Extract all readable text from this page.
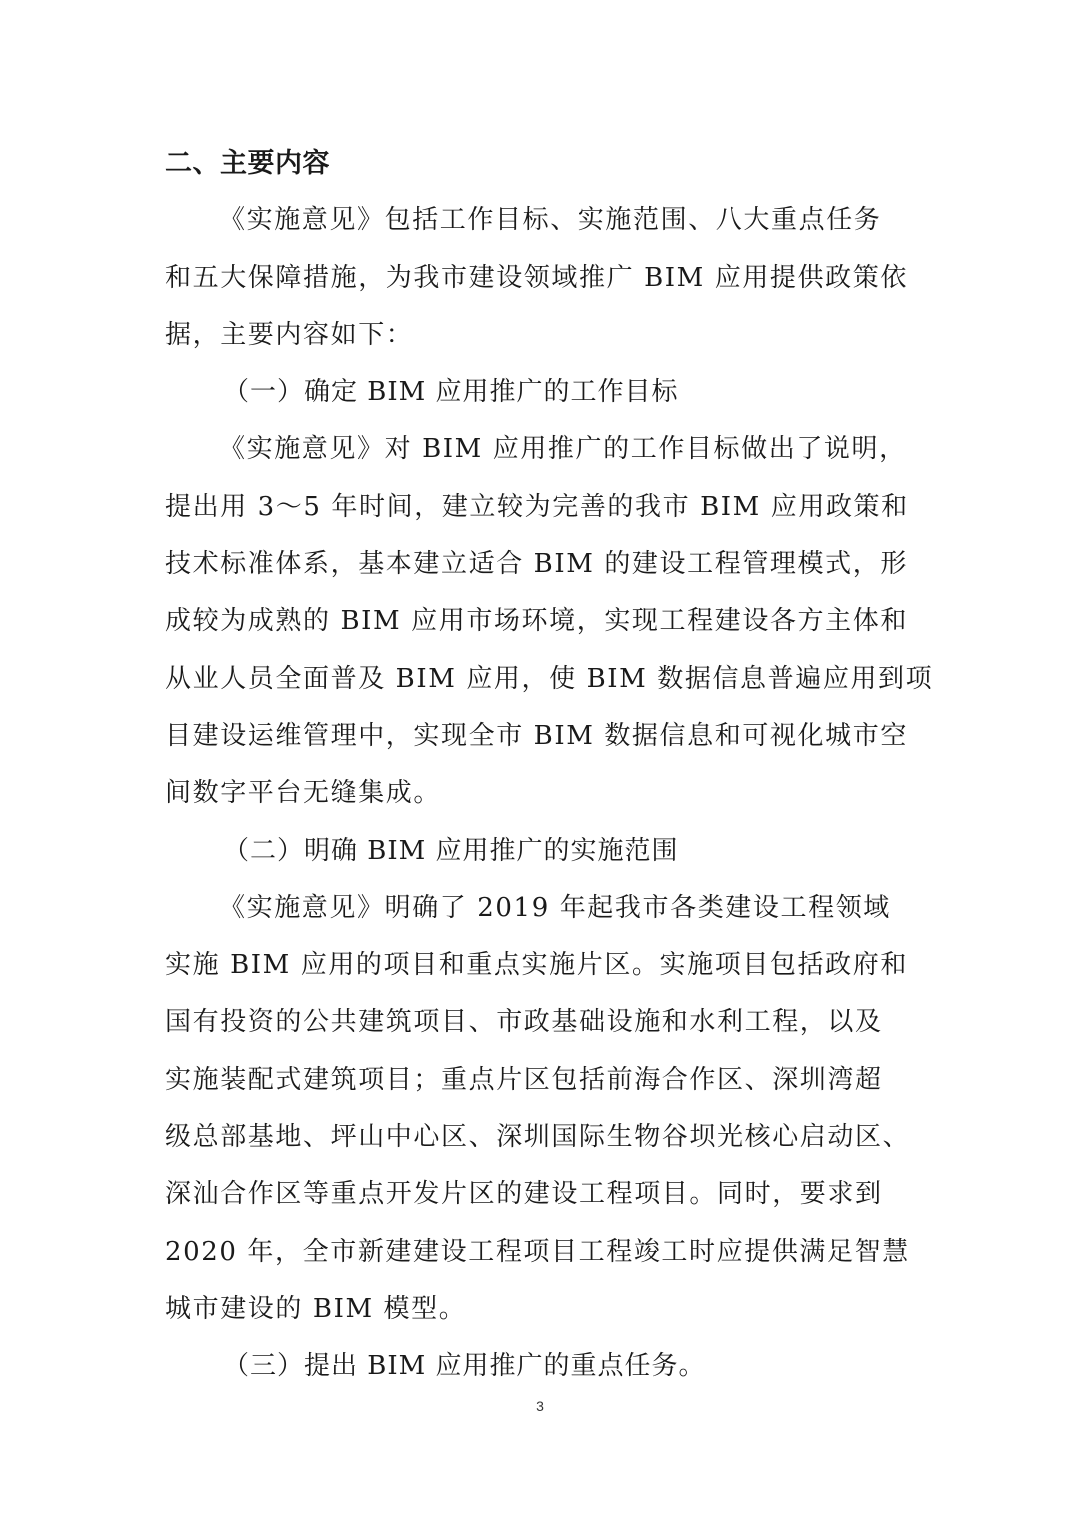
二、主要内容
《实施意见》包括工作目标、实施范围、八大重点任务
和五大保障措施，为我市建设领域推广 BIM 应用提供政策依
据，主要内容如下：
（一）确定 BIM 应用推广的工作目标
《实施意见》对 BIM 应用推广的工作目标做出了说明，
提出用 3～5 年时间，建立较为完善的我市 BIM 应用政策和
技术标准体系，基本建立适合 BIM 的建设工程管理模式，形
成较为成熟的 BIM 应用市场环境，实现工程建设各方主体和
从业人员全面普及 BIM 应用，使 BIM 数据信息普遍应用到项
目建设运维管理中，实现全市 BIM 数据信息和可视化城市空
间数字平台无缝集成。
（二）明确 BIM 应用推广的实施范围
《实施意见》明确了 2019 年起我市各类建设工程领域
实施 BIM 应用的项目和重点实施片区。实施项目包括政府和
国有投资的公共建筑项目、市政基础设施和水利工程，以及
实施装配式建筑项目；重点片区包括前海合作区、深圳湾超
级总部基地、坪山中心区、深圳国际生物谷坝光核心启动区、
深汕合作区等重点开发片区的建设工程项目。同时，要求到
2020 年，全市新建建设工程项目工程竣工时应提供满足智慧
城市建设的 BIM 模型。
（三）提出 BIM 应用推广的重点任务。
3
